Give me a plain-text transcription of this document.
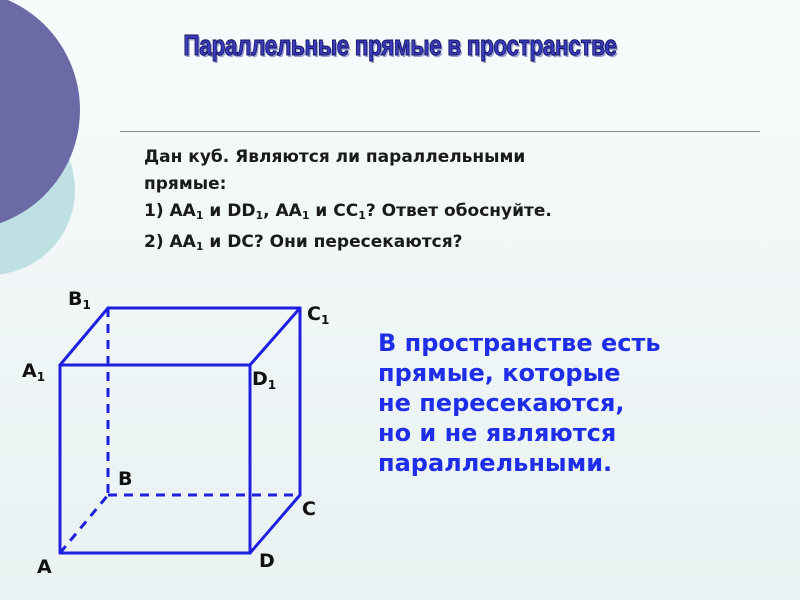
Параллельные прямые в пространстве
Дан куб. Являются ли параллельными
прямые:
1) $AA_1$ и $DD_1$, $AA_1$ и $CC_1$? Ответ обоснуйте.
2) $AA_1$ и DC? Они пересекаются?
$A_1$
$B_1$	$C_1$
$D_1$
B
C
A	D
В пространстве есть
прямые, которые
не пересекаются,
но и не являются
параллельными.
